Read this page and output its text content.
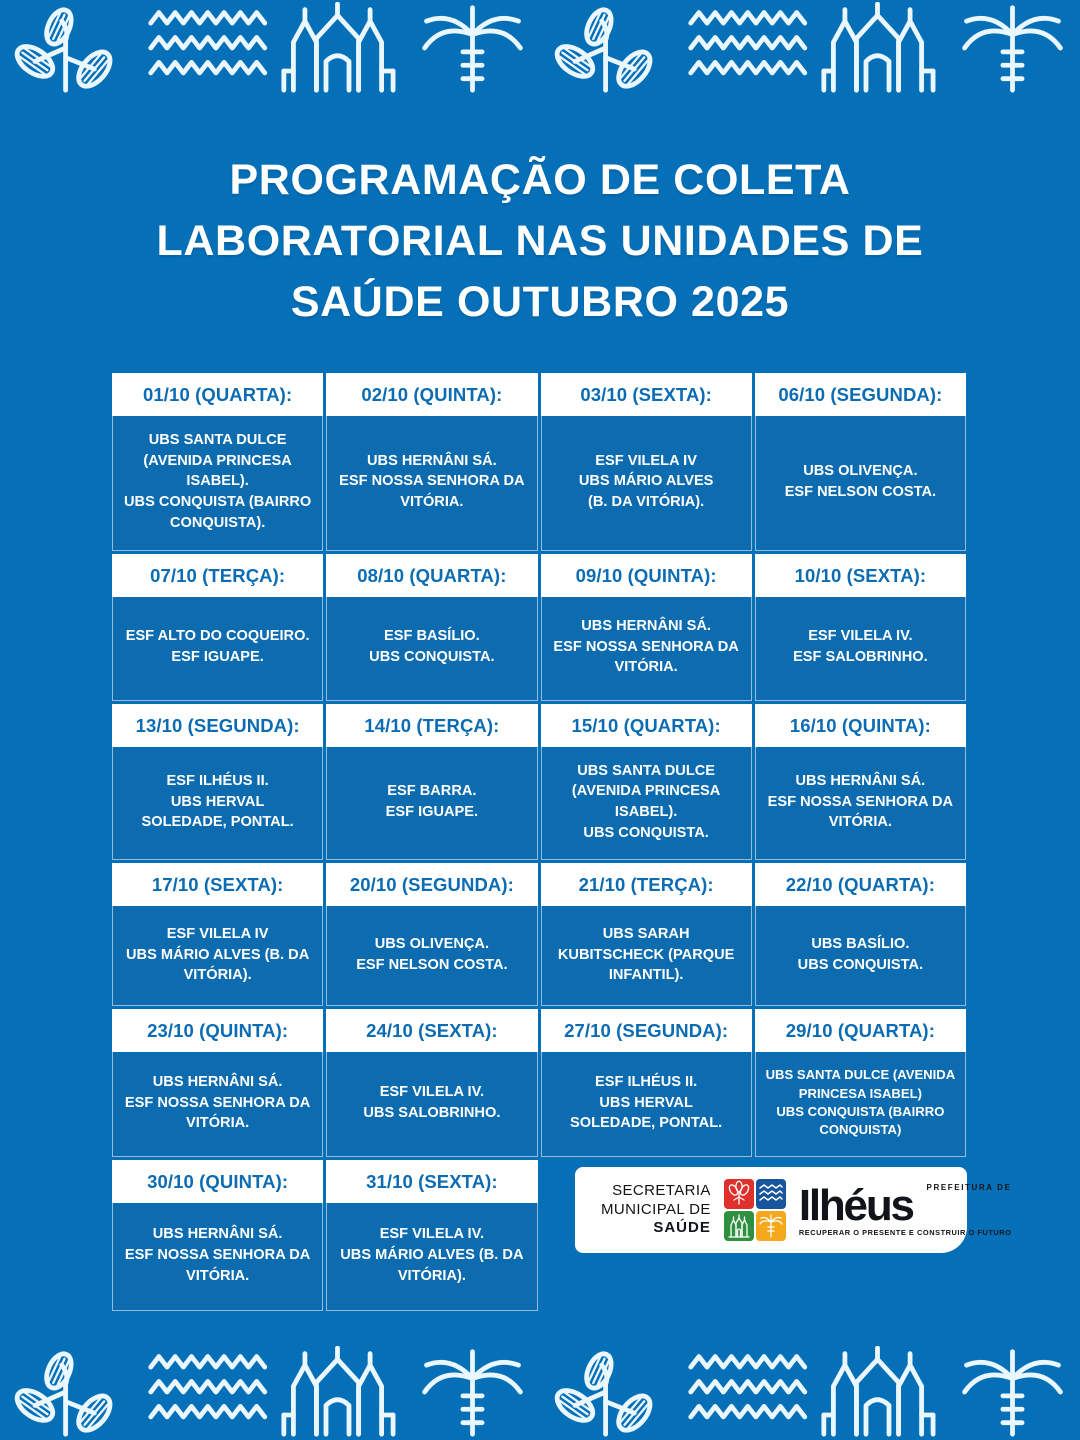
PROGRAMAÇÃO DE COLETA
LABORATORIAL NAS UNIDADES DE
SAÚDE OUTUBRO 2025
01/10 (QUARTA):
UBS SANTA DULCE (AVENIDA PRINCESA ISABEL).
UBS CONQUISTA (BAIRRO CONQUISTA).
02/10 (QUINTA):
UBS HERNÂNI SÁ.
ESF NOSSA SENHORA DA VITÓRIA.
03/10 (SEXTA):
ESF VILELA IV
UBS MÁRIO ALVES
(B. DA VITÓRIA).
06/10 (SEGUNDA):
UBS OLIVENÇA.
ESF NELSON COSTA.
07/10 (TERÇA):
ESF ALTO DO COQUEIRO.
ESF IGUAPE.
08/10 (QUARTA):
ESF BASÍLIO.
UBS CONQUISTA.
09/10 (QUINTA):
UBS HERNÂNI SÁ.
ESF NOSSA SENHORA DA VITÓRIA.
10/10 (SEXTA):
ESF VILELA IV.
ESF SALOBRINHO.
13/10 (SEGUNDA):
ESF ILHÉUS II.
UBS HERVAL
SOLEDADE, PONTAL.
14/10 (TERÇA):
ESF BARRA.
ESF IGUAPE.
15/10 (QUARTA):
UBS SANTA DULCE (AVENIDA PRINCESA ISABEL).
UBS CONQUISTA.
16/10 (QUINTA):
UBS HERNÂNI SÁ.
ESF NOSSA SENHORA DA VITÓRIA.
17/10 (SEXTA):
ESF VILELA IV
UBS MÁRIO ALVES (B. DA VITÓRIA).
20/10 (SEGUNDA):
UBS OLIVENÇA.
ESF NELSON COSTA.
21/10 (TERÇA):
UBS SARAH KUBITSCHECK (PARQUE INFANTIL).
22/10 (QUARTA):
UBS BASÍLIO.
UBS CONQUISTA.
23/10 (QUINTA):
UBS HERNÂNI SÁ.
ESF NOSSA SENHORA DA VITÓRIA.
24/10 (SEXTA):
ESF VILELA IV.
UBS SALOBRINHO.
27/10 (SEGUNDA):
ESF ILHÉUS II.
UBS HERVAL
SOLEDADE, PONTAL.
29/10 (QUARTA):
UBS SANTA DULCE (AVENIDA PRINCESA ISABEL)
UBS CONQUISTA (BAIRRO CONQUISTA)
30/10 (QUINTA):
UBS HERNÂNI SÁ.
ESF NOSSA SENHORA DA VITÓRIA.
31/10 (SEXTA):
ESF VILELA IV.
UBS MÁRIO ALVES (B. DA VITÓRIA).
SECRETARIA
MUNICIPAL DE
SAÚDE
PREFEITURA DE
Ilhéus
RECUPERAR O PRESENTE E CONSTRUIR O FUTURO
